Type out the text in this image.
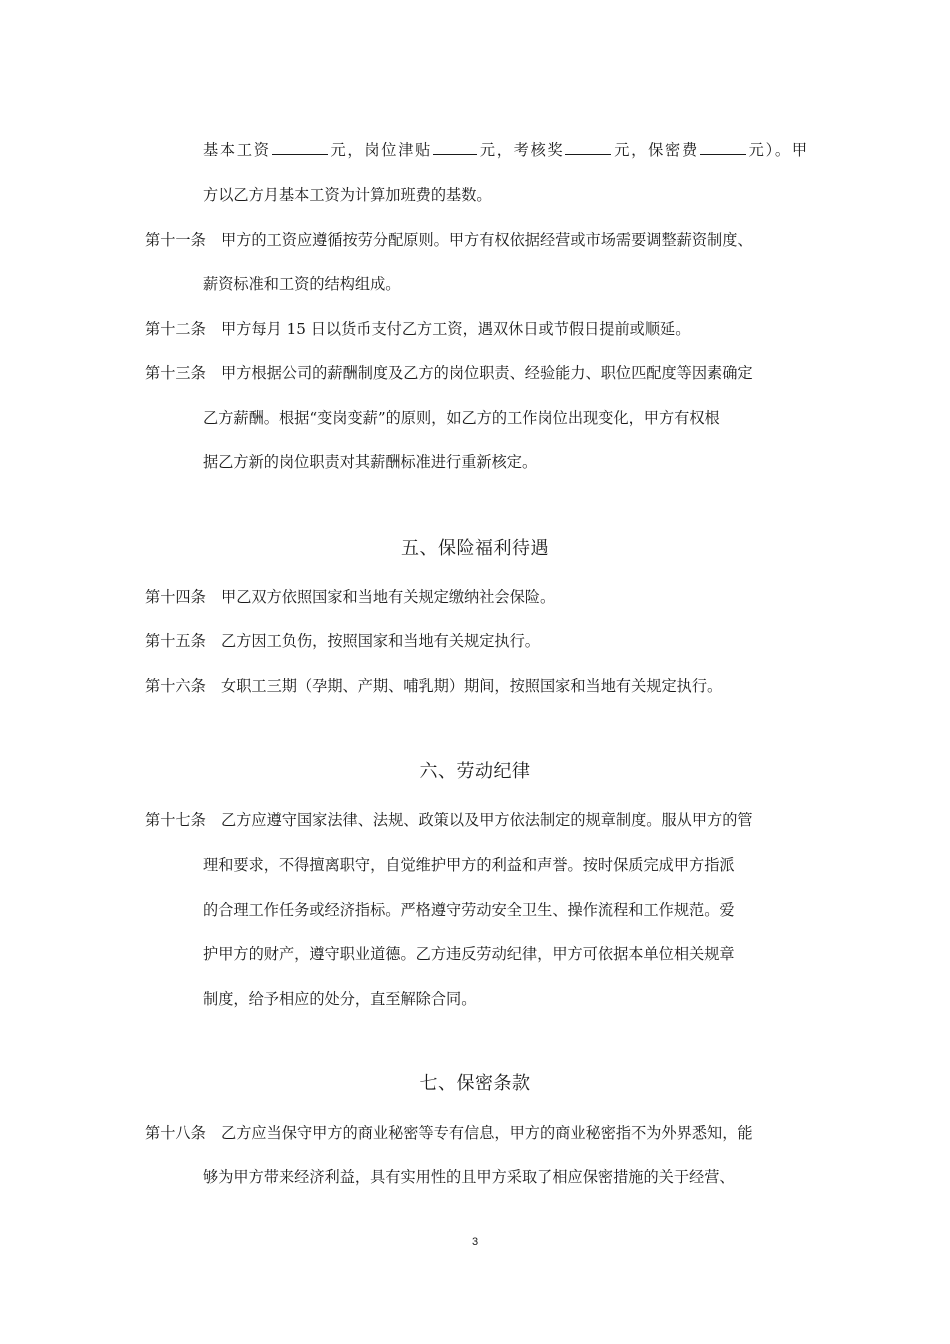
基本工资	元，岗位津贴	元，考核奖	元，保密费	元）。甲
方以乙方月基本工资为计算加班费的基数。
第十一条 甲方的工资应遵循按劳分配原则。甲方有权依据经营或市场需要调整薪资制度、
薪资标准和工资的结构组成。
第十二条 甲方每月 15 日以货币支付乙方工资，遇双休日或节假日提前或顺延。
第十三条 甲方根据公司的薪酬制度及乙方的岗位职责、经验能力、职位匹配度等因素确定
乙方薪酬。根据“变岗变薪”的原则，如乙方的工作岗位出现变化，甲方有权根
据乙方新的岗位职责对其薪酬标准进行重新核定。
五、保险福利待遇
第十四条 甲乙双方依照国家和当地有关规定缴纳社会保险。
第十五条 乙方因工负伤，按照国家和当地有关规定执行。
第十六条 女职工三期（孕期、产期、哺乳期）期间，按照国家和当地有关规定执行。
六、劳动纪律
第十七条 乙方应遵守国家法律、法规、政策以及甲方依法制定的规章制度。服从甲方的管
理和要求，不得擅离职守，自觉维护甲方的利益和声誉。按时保质完成甲方指派
的合理工作任务或经济指标。严格遵守劳动安全卫生、操作流程和工作规范。爱
护甲方的财产，遵守职业道德。乙方违反劳动纪律，甲方可依据本单位相关规章
制度，给予相应的处分，直至解除合同。
七、保密条款
第十八条 乙方应当保守甲方的商业秘密等专有信息，甲方的商业秘密指不为外界悉知，能
够为甲方带来经济利益，具有实用性的且甲方采取了相应保密措施的关于经营、
3
